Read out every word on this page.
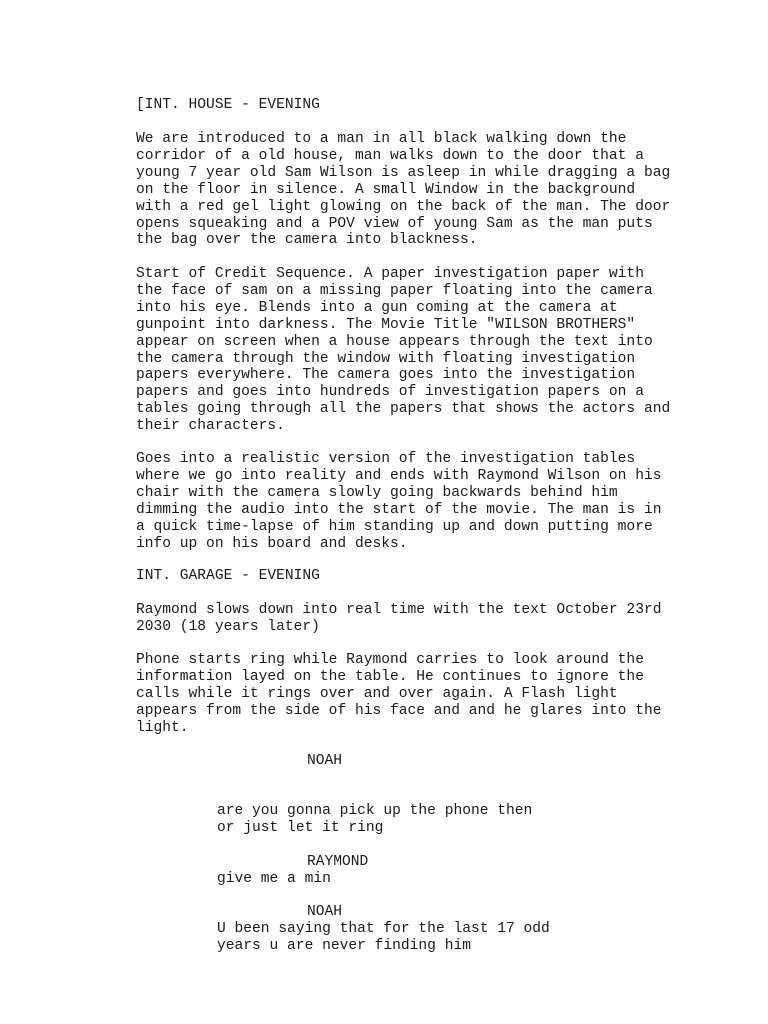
[INT. HOUSE - EVENING

We are introduced to a man in all black walking down the
corridor of a old house, man walks down to the door that a
young 7 year old Sam Wilson is asleep in while dragging a bag
on the floor in silence. A small Window in the background
with a red gel light glowing on the back of the man. The door
opens squeaking and a POV view of young Sam as the man puts
the bag over the camera into blackness.

Start of Credit Sequence. A paper investigation paper with
the face of sam on a missing paper floating into the camera
into his eye. Blends into a gun coming at the camera at
gunpoint into darkness. The Movie Title "WILSON BROTHERS"
appear on screen when a house appears through the text into
the camera through the window with floating investigation
papers everywhere. The camera goes into the investigation
papers and goes into hundreds of investigation papers on a
tables going through all the papers that shows the actors and
their characters.

Goes into a realistic version of the investigation tables
where we go into reality and ends with Raymond Wilson on his
chair with the camera slowly going backwards behind him
dimming the audio into the start of the movie. The man is in
a quick time-lapse of him standing up and down putting more
info up on his board and desks.

INT. GARAGE - EVENING

Raymond slows down into real time with the text October 23rd
2030 (18 years later)

Phone starts ring while Raymond carries to look around the
information layed on the table. He continues to ignore the
calls while it rings over and over again. A Flash light
appears from the side of his face and and he glares into the
light.

NOAH

are you gonna pick up the phone then
or just let it ring

RAYMOND

give me a min

NOAH

U been saying that for the last 17 odd
years u are never finding him
